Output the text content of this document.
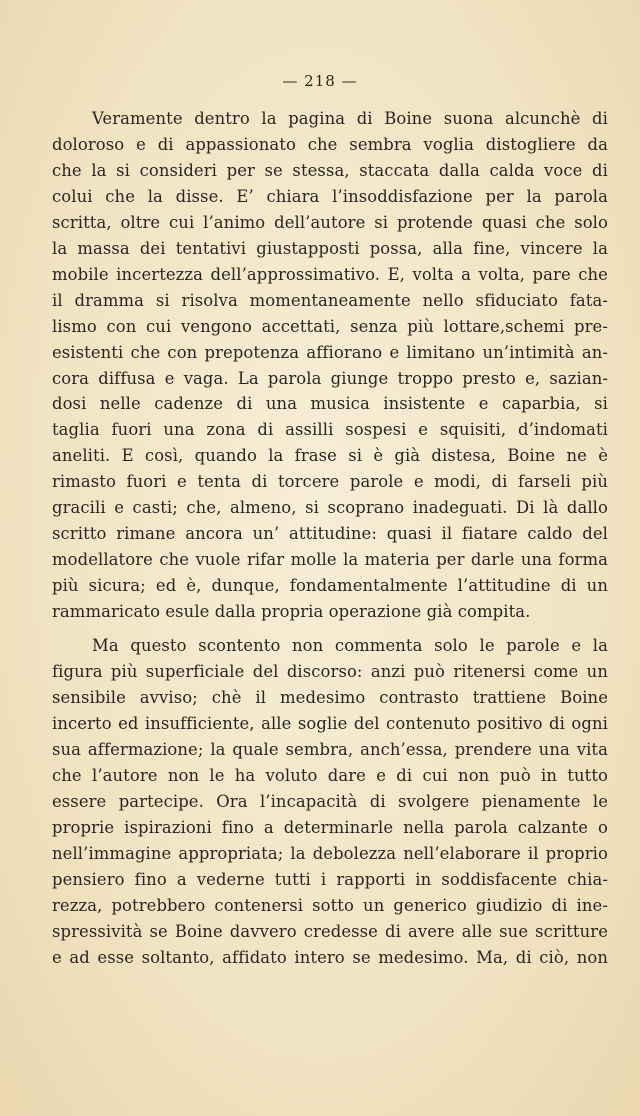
— 218 —
Veramente dentro la pagina di Boine suona alcunchè di
doloroso e di appassionato che sembra voglia distogliere da
che la si consideri per se stessa, staccata dalla calda voce di
colui che la disse. E’ chiara l’insoddisfazione per la parola
scritta, oltre cui l’animo dell’autore si protende quasi che solo
la massa dei tentativi giustapposti possa, alla fine, vincere la
mobile incertezza dell’approssimativo. E, volta a volta, pare che
il dramma si risolva momentaneamente nello sfiduciato fata-
lismo con cui vengono accettati, senza più lottare,schemi pre-
esistenti che con prepotenza affiorano e limitano un’intimità an-
cora diffusa e vaga. La parola giunge troppo presto e, sazian-
dosi nelle cadenze di una musica insistente e caparbia, si
taglia fuori una zona di assilli sospesi e squisiti, d’indomati
aneliti. E così, quando la frase si è già distesa, Boine ne è
rimasto fuori e tenta di torcere parole e modi, di farseli più
gracili e casti; che, almeno, si scoprano inadeguati. Di là dallo
scritto rimane ancora un’ attitudine: quasi il fiatare caldo del
modellatore che vuole rifar molle la materia per darle una forma
più sicura; ed è, dunque, fondamentalmente l’attitudine di un
rammaricato esule dalla propria operazione già compita.
Ma questo scontento non commenta solo le parole e la
figura più superficiale del discorso: anzi può ritenersi come un
sensibile avviso; chè il medesimo contrasto trattiene Boine
incerto ed insufficiente, alle soglie del contenuto positivo di ogni
sua affermazione; la quale sembra, anch’essa, prendere una vita
che l’autore non le ha voluto dare e di cui non può in tutto
essere partecipe. Ora l’incapacità di svolgere pienamente le
proprie ispirazioni fino a determinarle nella parola calzante o
nell’immagine appropriata; la debolezza nell’elaborare il proprio
pensiero fino a vederne tutti i rapporti in soddisfacente chia-
rezza, potrebbero contenersi sotto un generico giudizio di ine-
spressività se Boine davvero credesse di avere alle sue scritture
e ad esse soltanto, affidato intero se medesimo. Ma, di ciò, non
